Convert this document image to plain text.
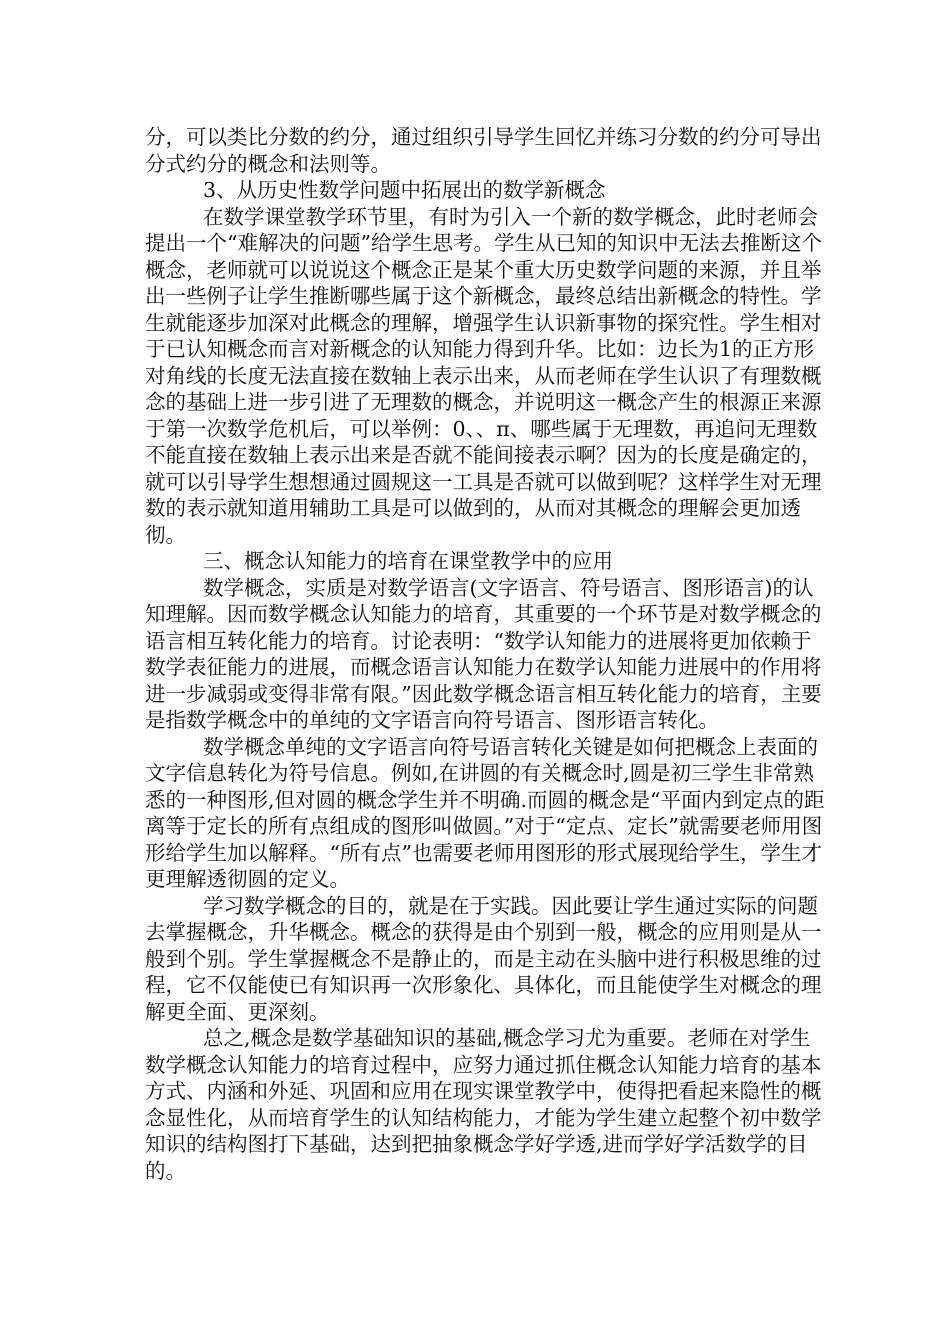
分，可以类比分数的约分，通过组织引导学生回忆并练习分数的约分可导出分式约分的概念和法则等。

3、从历史性数学问题中拓展出的数学新概念

在数学课堂教学环节里，有时为引入一个新的数学概念，此时老师会提出一个“难解决的问题”给学生思考。学生从已知的知识中无法去推断这个概念，老师就可以说说这个概念正是某个重大历史数学问题的来源，并且举出一些例子让学生推断哪些属于这个新概念，最终总结出新概念的特性。学生就能逐步加深对此概念的理解，增强学生认识新事物的探究性。学生相对于已认知概念而言对新概念的认知能力得到升华。比如：边长为1的正方形对角线的长度无法直接在数轴上表示出来，从而老师在学生认识了有理数概念的基础上进一步引进了无理数的概念，并说明这一概念产生的根源正来源于第一次数学危机后，可以举例：0、、π、哪些属于无理数，再追问无理数不能直接在数轴上表示出来是否就不能间接表示啊？因为的长度是确定的，就可以引导学生想想通过圆规这一工具是否就可以做到呢？这样学生对无理数的表示就知道用辅助工具是可以做到的，从而对其概念的理解会更加透彻。

三、概念认知能力的培育在课堂教学中的应用

数学概念，实质是对数学语言(文字语言、符号语言、图形语言)的认知理解。因而数学概念认知能力的培育，其重要的一个环节是对数学概念的语言相互转化能力的培育。讨论表明：“数学认知能力的进展将更加依赖于数学表征能力的进展，而概念语言认知能力在数学认知能力进展中的作用将进一步减弱或变得非常有限。”因此数学概念语言相互转化能力的培育，主要是指数学概念中的单纯的文字语言向符号语言、图形语言转化。

数学概念单纯的文字语言向符号语言转化关键是如何把概念上表面的文字信息转化为符号信息。例如,在讲圆的有关概念时,圆是初三学生非常熟悉的一种图形,但对圆的概念学生并不明确.而圆的概念是“平面内到定点的距离等于定长的所有点组成的图形叫做圆。”对于“定点、定长”就需要老师用图形给学生加以解释。“所有点”也需要老师用图形的形式展现给学生，学生才更理解透彻圆的定义。

学习数学概念的目的，就是在于实践。因此要让学生通过实际的问题去掌握概念，升华概念。概念的获得是由个别到一般，概念的应用则是从一般到个别。学生掌握概念不是静止的，而是主动在头脑中进行积极思维的过程，它不仅能使已有知识再一次形象化、具体化，而且能使学生对概念的理解更全面、更深刻。

总之,概念是数学基础知识的基础,概念学习尤为重要。老师在对学生数学概念认知能力的培育过程中，应努力通过抓住概念认知能力培育的基本方式、内涵和外延、巩固和应用在现实课堂教学中，使得把看起来隐性的概念显性化，从而培育学生的认知结构能力，才能为学生建立起整个初中数学知识的结构图打下基础，达到把抽象概念学好学透,进而学好学活数学的目的。
